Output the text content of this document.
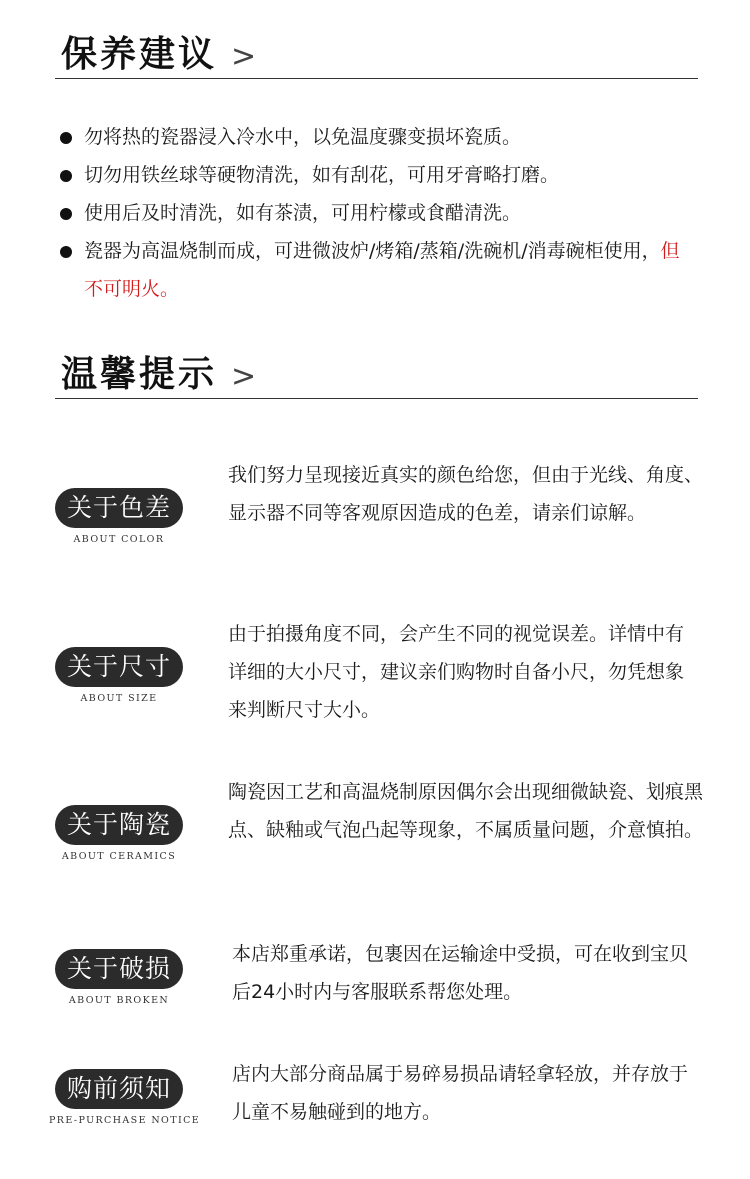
保养建议 >
勿将热的瓷器浸入冷水中，以免温度骤变损坏瓷质。
切勿用铁丝球等硬物清洗，如有刮花，可用牙膏略打磨。
使用后及时清洗，如有茶渍，可用柠檬或食醋清洗。
瓷器为高温烧制而成，可进微波炉/烤箱/蒸箱/洗碗机/消毒碗柜使用，但不可明火。
温馨提示 >
关于色差
ABOUT COLOR
我们努力呈现接近真实的颜色给您，但由于光线、角度、显示器不同等客观原因造成的色差，请亲们谅解。
关于尺寸
ABOUT SIZE
由于拍摄角度不同，会产生不同的视觉误差。详情中有详细的大小尺寸，建议亲们购物时自备小尺，勿凭想象来判断尺寸大小。
关于陶瓷
ABOUT CERAMICS
陶瓷因工艺和高温烧制原因偶尔会出现细微缺瓷、划痕黑点、缺釉或气泡凸起等现象，不属质量问题，介意慎拍。
关于破损
ABOUT BROKEN
本店郑重承诺，包裹因在运输途中受损，可在收到宝贝后24小时内与客服联系帮您处理。
购前须知
PRE-PURCHASE NOTICE
店内大部分商品属于易碎易损品请轻拿轻放，并存放于儿童不易触碰到的地方。
